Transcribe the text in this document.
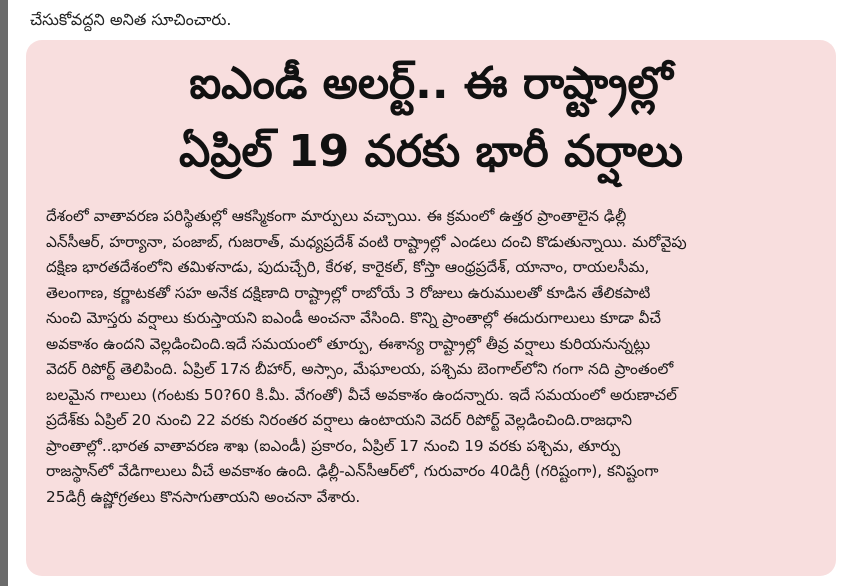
చేసుకోవద్దని అనిత సూచించారు.
ఐఎండీ అలర్ట్.. ఈ రాష్ట్రాల్లో
ఏప్రిల్ 19 వరకు భారీ వర్షాలు
దేశంలో వాతావరణ పరిస్థితుల్లో ఆకస్మికంగా మార్పులు వచ్చాయి. ఈ క్రమంలో ఉత్తర ప్రాంతాలైన ఢిల్లీ
ఎన్‌సీఆర్, హర్యానా, పంజాబ్, గుజరాత్, మధ్యప్రదేశ్ వంటి రాష్ట్రాల్లో ఎండలు దంచి కొడుతున్నాయి. మరోవైపు
దక్షిణ భారతదేశంలోని తమిళనాడు, పుదుచ్చేరి, కేరళ, కారైకల్, కోస్తా ఆంధ్రప్రదేశ్, యానాం, రాయలసీమ,
తెలంగాణ, కర్ణాటకతో సహ అనేక దక్షిణాది రాష్ట్రాల్లో రాబోయే 3 రోజులు ఉరుములతో కూడిన తేలికపాటి
నుంచి మోస్తరు వర్షాలు కురుస్తాయని ఐఎండీ అంచనా వేసింది. కొన్ని ప్రాంతాల్లో ఈదురుగాలులు కూడా వీచే
అవకాశం ఉందని వెల్లడించింది.ఇదే సమయంలో తూర్పు, ఈశాన్య రాష్ట్రాల్లో తీవ్ర వర్షాలు కురియనున్నట్లు
వెదర్ రిపోర్ట్ తెలిపింది. ఏప్రిల్ 17న బీహార్, అస్సాం, మేఘాలయ, పశ్చిమ బెంగాల్‌లోని గంగా నది ప్రాంతంలో
బలమైన గాలులు (గంటకు 50?60 కి.మీ. వేగంతో) వీచే అవకాశం ఉందన్నారు. ఇదే సమయంలో అరుణాచల్
ప్రదేశ్‌కు ఏప్రిల్ 20 నుంచి 22 వరకు నిరంతర వర్షాలు ఉంటాయని వెదర్ రిపోర్ట్ వెల్లడించింది.రాజధాని
ప్రాంతాల్లో..భారత వాతావరణ శాఖ (ఐఎండీ) ప్రకారం, ఏప్రిల్ 17 నుంచి 19 వరకు పశ్చిమ, తూర్పు
రాజస్థాన్‌లో వేడిగాలులు వీచే అవకాశం ఉంది. ఢిల్లీ-ఎన్‌సీఆర్‌లో, గురువారం 40డిగ్రీ (గరిష్టంగా), కనిష్టంగా
25డిగ్రీ ఉష్ణోగ్రతలు కొనసాగుతాయని అంచనా వేశారు.
